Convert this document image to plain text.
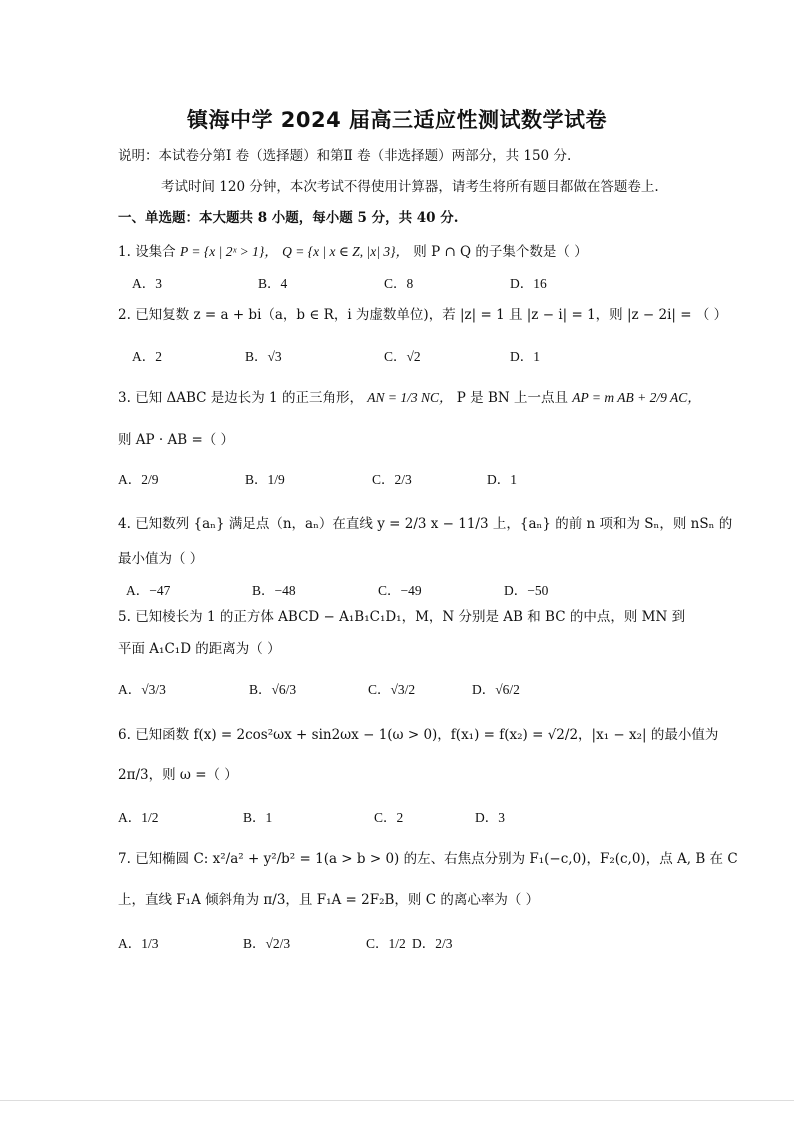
镇海中学 2024 届高三适应性测试数学试卷
说明：本试卷分第Ⅰ 卷（选择题）和第Ⅱ 卷（非选择题）两部分，共 150 分.
考试时间 120 分钟，本次考试不得使用计算器，请考生将所有题目都做在答题卷上.
一、单选题：本大题共 8 小题，每小题 5 分，共 40 分.
1. 设集合 P = {x | 2ˣ > 1}， Q = {x | x ∈ Z, |x| 3}， 则 P ∩ Q 的子集个数是（ ）
A．3	B．4	C．8	D．16
2. 已知复数 z = a + bi（a，b ∈ R，i 为虚数单位)，若 |z| = 1 且 |z − i| = 1，则 |z − 2i| = （ ）
A．2	B．√3	C．√2	D．1
3. 已知 ΔABC 是边长为 1 的正三角形， AN = 1/3 NC， P 是 BN 上一点且 AP = m AB + 2/9 AC，
则 AP · AB =（ ）
A．2/9	B．1/9	C．2/3	D．1
4. 已知数列 {aₙ} 满足点（n，aₙ）在直线 y = 2/3 x − 11/3 上，{aₙ} 的前 n 项和为 Sₙ，则 nSₙ 的
最小值为（ ）
A．−47	B．−48	C．−49	D．−50
5. 已知棱长为 1 的正方体 ABCD − A₁B₁C₁D₁，M，N 分别是 AB 和 BC 的中点，则 MN 到
平面 A₁C₁D 的距离为（ ）
A．√3/3	B．√6/3	C．√3/2	D．√6/2
6. 已知函数 f(x) = 2cos²ωx + sin2ωx − 1(ω > 0)，f(x₁) = f(x₂) = √2/2，|x₁ − x₂| 的最小值为
2π/3，则 ω =（ ）
A．1/2	B．1	C．2	D．3
7. 已知椭圆 C: x²/a² + y²/b² = 1(a > b > 0) 的左、右焦点分别为 F₁(−c,0)，F₂(c,0)，点 A, B 在 C
上，直线 F₁A 倾斜角为 π/3，且 F₁A = 2F₂B，则 C 的离心率为（ ）
A．1/3	B．√2/3	C．1/2 D．2/3
